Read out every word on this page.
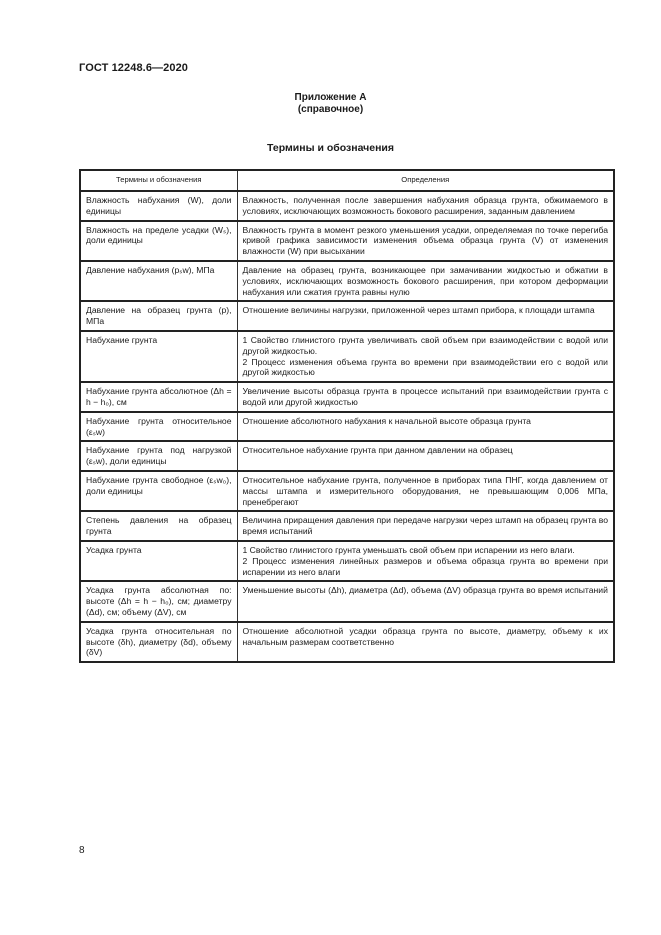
ГОСТ 12248.6—2020
Приложение А
(справочное)
Термины и обозначения
Термины и обозначения	Определения
Влажность набухания (W), доли единицы	Влажность, полученная после завершения набухания образца грунта, обжимаемого в условиях, исключающих возможность бокового расширения, заданным давлением

Влажность на пределе усадки (Wₛ), доли единицы	Влажность грунта в момент резкого уменьшения усадки, определяемая по точке перегиба кривой графика зависимости изменения объема образца грунта (V) от изменения влажности (W) при высыхании

Давление набухания (pₛw), МПа	Давление на образец грунта, возникающее при замачивании жидкостью и обжатии в условиях, исключающих возможность бокового расширения, при котором деформации набухания или сжатия грунта равны нулю

Давление на образец грунта (p), МПа	Отношение величины нагрузки, приложенной через штамп прибора, к площади штампа

Набухание грунта	1 Свойство глинистого грунта увеличивать свой объем при взаимодействии с водой или другой жидкостью.

2 Процесс изменения объема грунта во времени при взаимодействии его с водой или другой жидкостью

Набухание грунта абсолютное (Δh = h − h₀), см	Увеличение высоты образца грунта в процессе испытаний при взаимодействии грунта с водой или другой жидкостью

Набухание грунта относительное (εₛw)	Отношение абсолютного набухания к начальной высоте образца грунта

Набухание грунта под нагрузкой (εₛw), доли единицы	Относительное набухание грунта при данном давлении на образец

Набухание грунта свободное (εₛw₀), доли единицы	Относительное набухание грунта, полученное в приборах типа ПНГ, когда давлением от массы штампа и измерительного оборудования, не превышающим 0,006 МПа, пренебрегают

Степень давления на образец грунта	Величина приращения давления при передаче нагрузки через штамп на образец грунта во время испытаний

Усадка грунта	1 Свойство глинистого грунта уменьшать свой объем при испарении из него влаги.

2 Процесс изменения линейных размеров и объема образца грунта во времени при испарении из него влаги

Усадка грунта абсолютная по: высоте (Δh = h − h₀), см; диаметру (Δd), см; объему (ΔV), см	Уменьшение высоты (Δh), диаметра (Δd), объема (ΔV) образца грунта во время испытаний

Усадка грунта относительная по высоте (δh), диаметру (δd), объему (δV)	Отношение абсолютной усадки образца грунта по высоте, диаметру, объему к их начальным размерам соответственно

8
